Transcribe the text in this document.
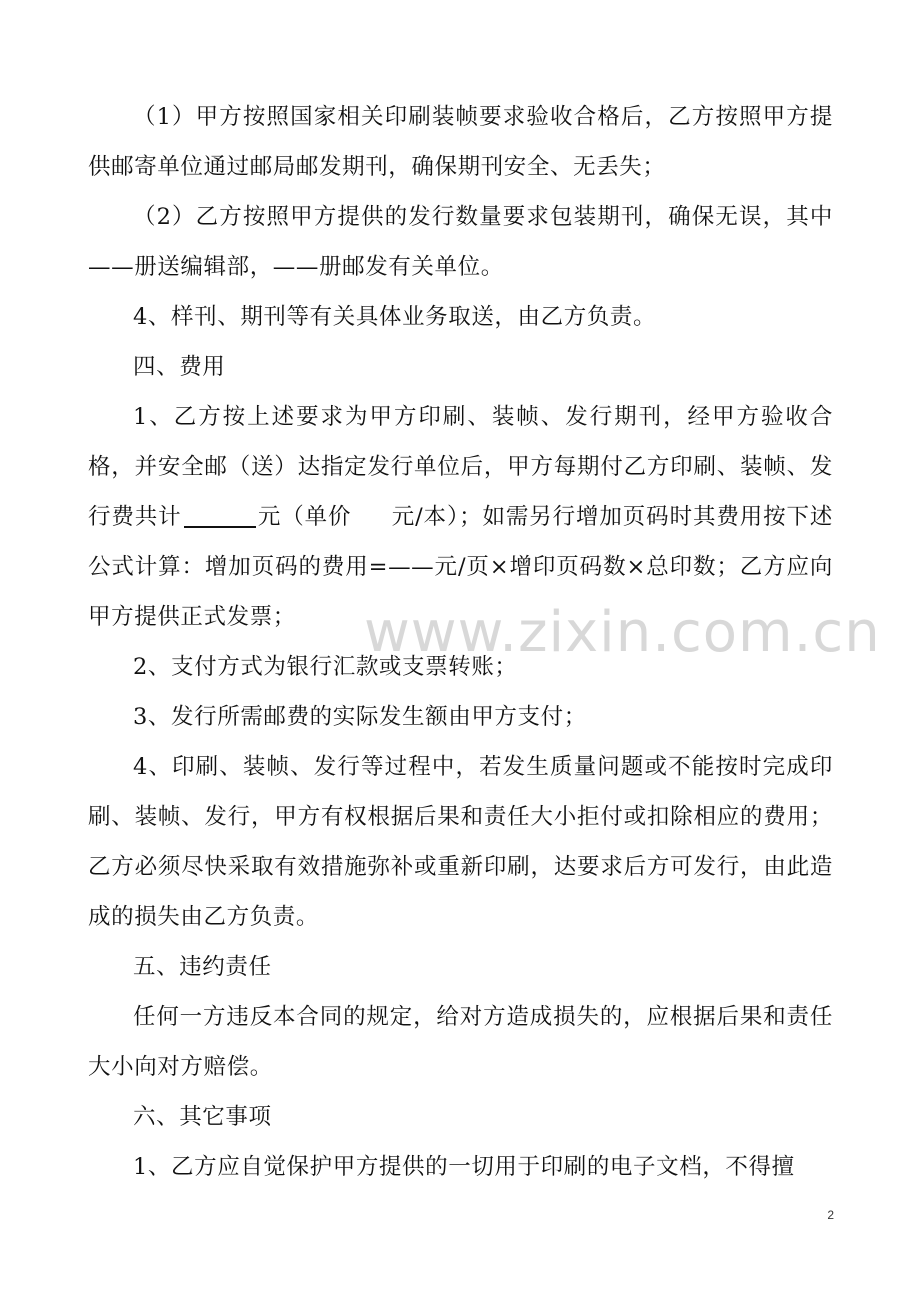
（1）甲方按照国家相关印刷装帧要求验收合格后，乙方按照甲方提供邮寄单位通过邮局邮发期刊，确保期刊安全、无丢失；

（2）乙方按照甲方提供的发行数量要求包装期刊，确保无误，其中——册送编辑部，——册邮发有关单位。

4、样刊、期刊等有关具体业务取送，由乙方负责。

四、费用

1、乙方按上述要求为甲方印刷、装帧、发行期刊，经甲方验收合格，并安全邮（送）达指定发行单位后，甲方每期付乙方印刷、装帧、发行费共计	元（单价 元/本）；如需另行增加页码时其费用按下述公式计算：增加页码的费用=——元/页×增印页码数×总印数；乙方应向甲方提供正式发票；

2、支付方式为银行汇款或支票转账；

3、发行所需邮费的实际发生额由甲方支付；

4、印刷、装帧、发行等过程中，若发生质量问题或不能按时完成印刷、装帧、发行，甲方有权根据后果和责任大小拒付或扣除相应的费用；乙方必须尽快采取有效措施弥补或重新印刷，达要求后方可发行，由此造成的损失由乙方负责。

五、违约责任

任何一方违反本合同的规定，给对方造成损失的，应根据后果和责任大小向对方赔偿。

六、其它事项

1、乙方应自觉保护甲方提供的一切用于印刷的电子文档，不得擅

www.zixin.com.cn
2
